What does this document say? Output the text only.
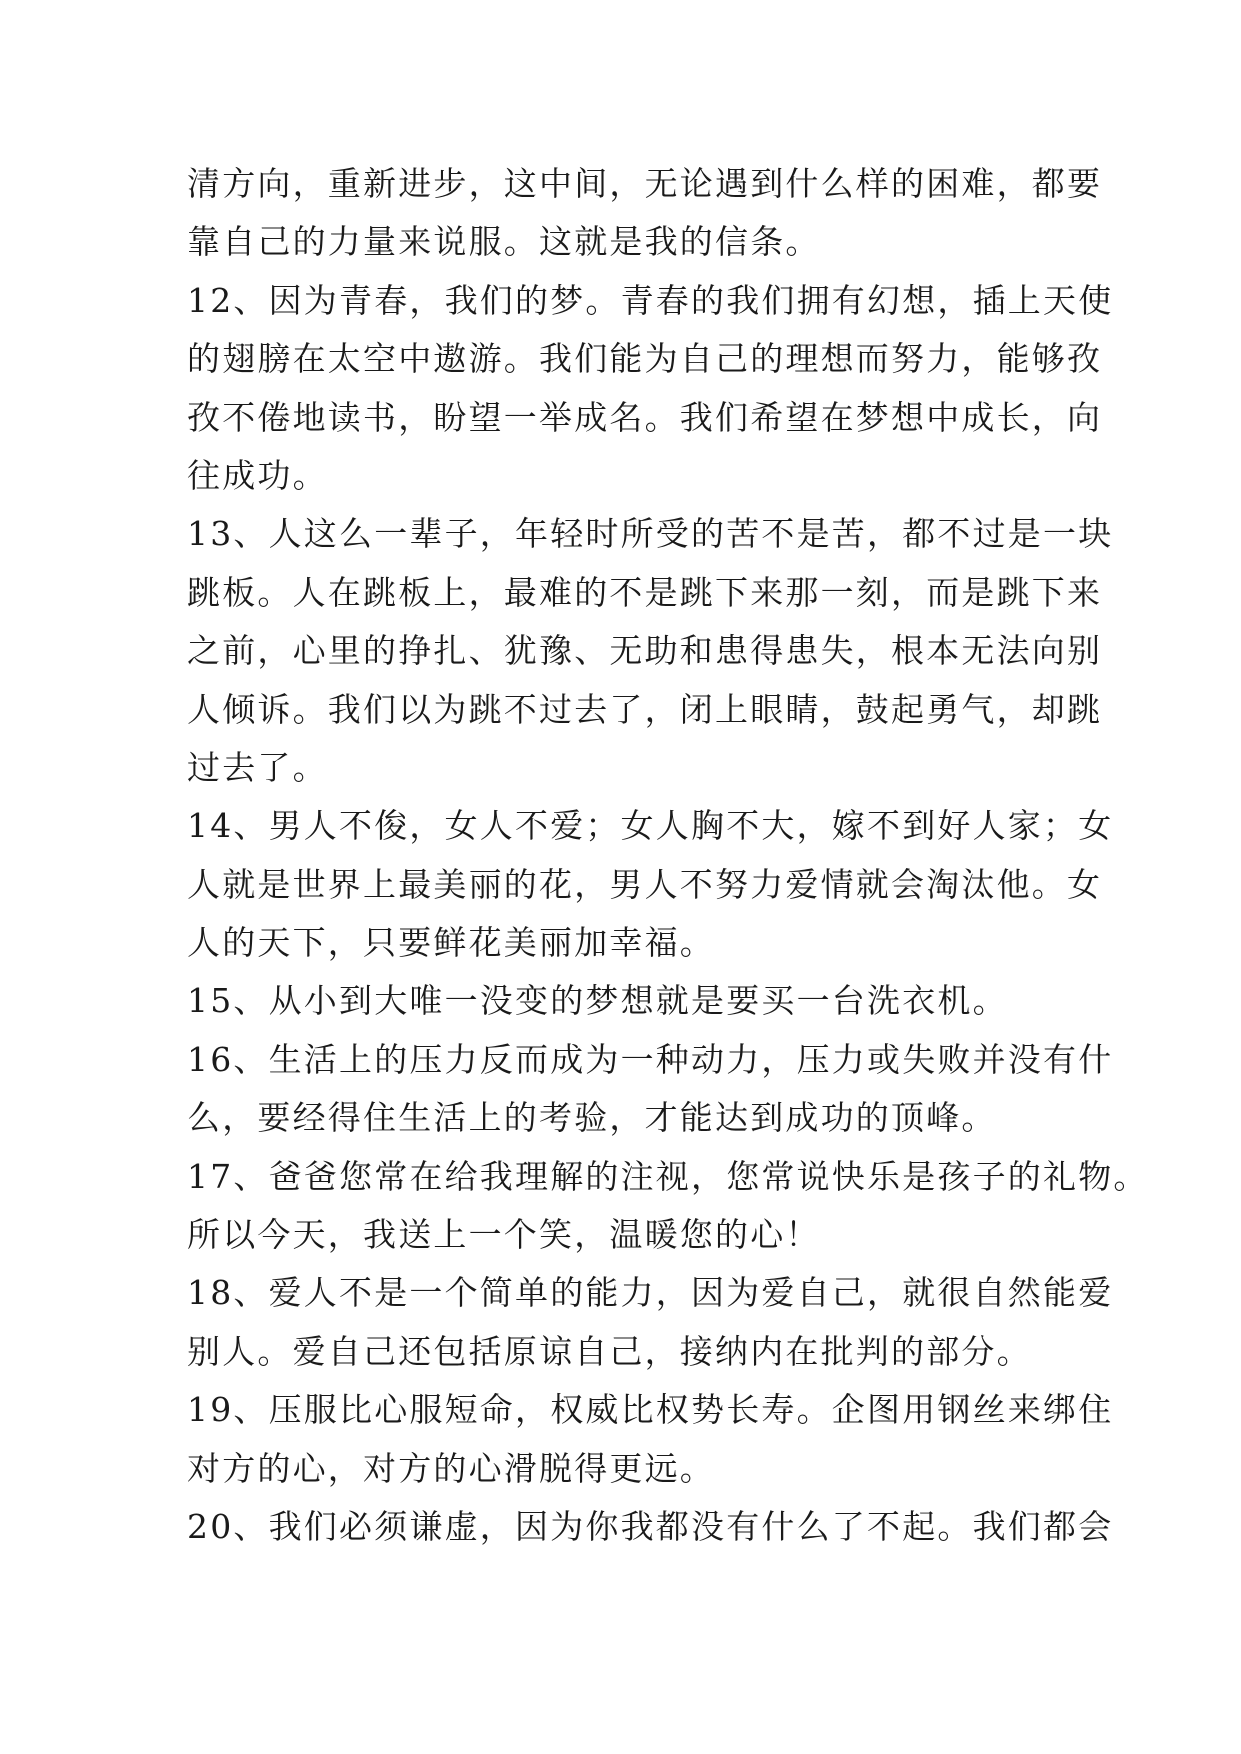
清方向，重新进步，这中间，无论遇到什么样的困难，都要
靠自己的力量来说服。这就是我的信条。
12、因为青春，我们的梦。青春的我们拥有幻想，插上天使
的翅膀在太空中遨游。我们能为自己的理想而努力，能够孜
孜不倦地读书，盼望一举成名。我们希望在梦想中成长，向
往成功。
13、人这么一辈子，年轻时所受的苦不是苦，都不过是一块
跳板。人在跳板上，最难的不是跳下来那一刻，而是跳下来
之前，心里的挣扎、犹豫、无助和患得患失，根本无法向别
人倾诉。我们以为跳不过去了，闭上眼睛，鼓起勇气，却跳
过去了。
14、男人不俊，女人不爱；女人胸不大，嫁不到好人家；女
人就是世界上最美丽的花，男人不努力爱情就会淘汰他。女
人的天下，只要鲜花美丽加幸福。
15、从小到大唯一没变的梦想就是要买一台洗衣机。
16、生活上的压力反而成为一种动力，压力或失败并没有什
么，要经得住生活上的考验，才能达到成功的顶峰。
17、爸爸您常在给我理解的注视，您常说快乐是孩子的礼物。
所以今天，我送上一个笑，温暖您的心！
18、爱人不是一个简单的能力，因为爱自己，就很自然能爱
别人。爱自己还包括原谅自己，接纳内在批判的部分。
19、压服比心服短命，权威比权势长寿。企图用钢丝来绑住
对方的心，对方的心滑脱得更远。
20、我们必须谦虚，因为你我都没有什么了不起。我们都会
